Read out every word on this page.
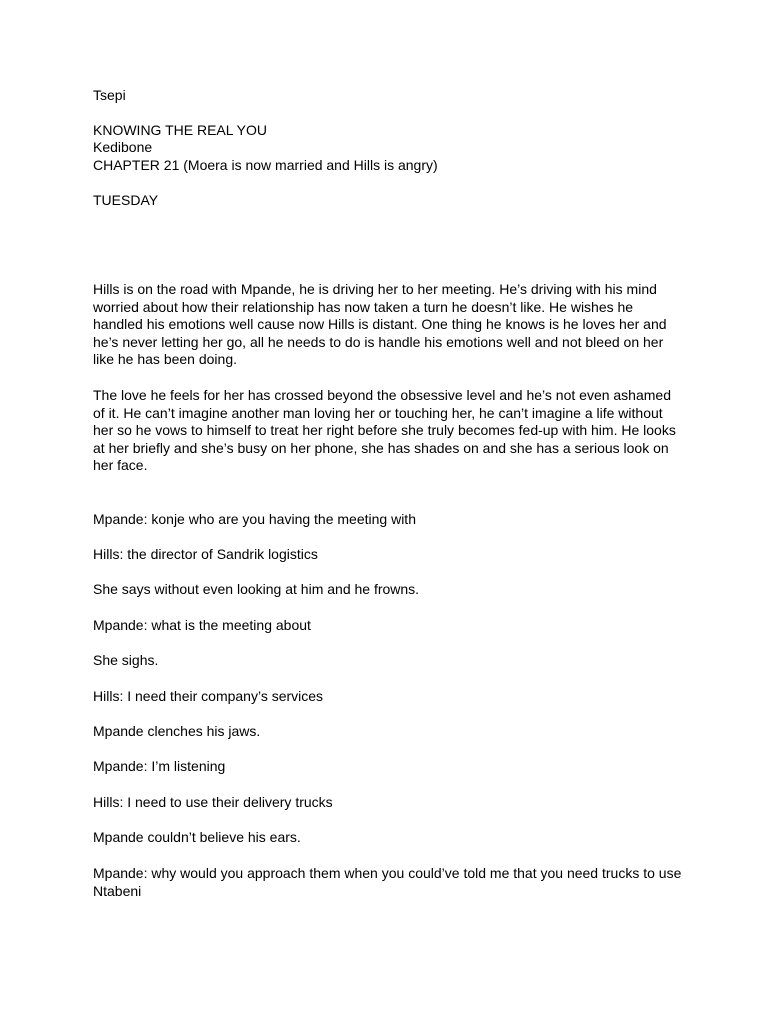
Tsepi

KNOWING THE REAL YOU

Kedibone

CHAPTER 21 (Moera is now married and Hills is angry)

TUESDAY

Hills is on the road with Mpande, he is driving her to her meeting. He’s driving with his mind worried about how their relationship has now taken a turn he doesn’t like. He wishes he handled his emotions well cause now Hills is distant. One thing he knows is he loves her and he’s never letting her go, all he needs to do is handle his emotions well and not bleed on her like he has been doing.

The love he feels for her has crossed beyond the obsessive level and he’s not even ashamed of it. He can’t imagine another man loving her or touching her, he can’t imagine a life without her so he vows to himself to treat her right before she truly becomes fed-up with him. He looks at her briefly and she’s busy on her phone, she has shades on and she has a serious look on her face.

Mpande: konje who are you having the meeting with

Hills: the director of Sandrik logistics

She says without even looking at him and he frowns.

Mpande: what is the meeting about

She sighs.

Hills: I need their company’s services

Mpande clenches his jaws.

Mpande: I’m listening

Hills: I need to use their delivery trucks

Mpande couldn’t believe his ears.

Mpande: why would you approach them when you could’ve told me that you need trucks to use Ntabeni
